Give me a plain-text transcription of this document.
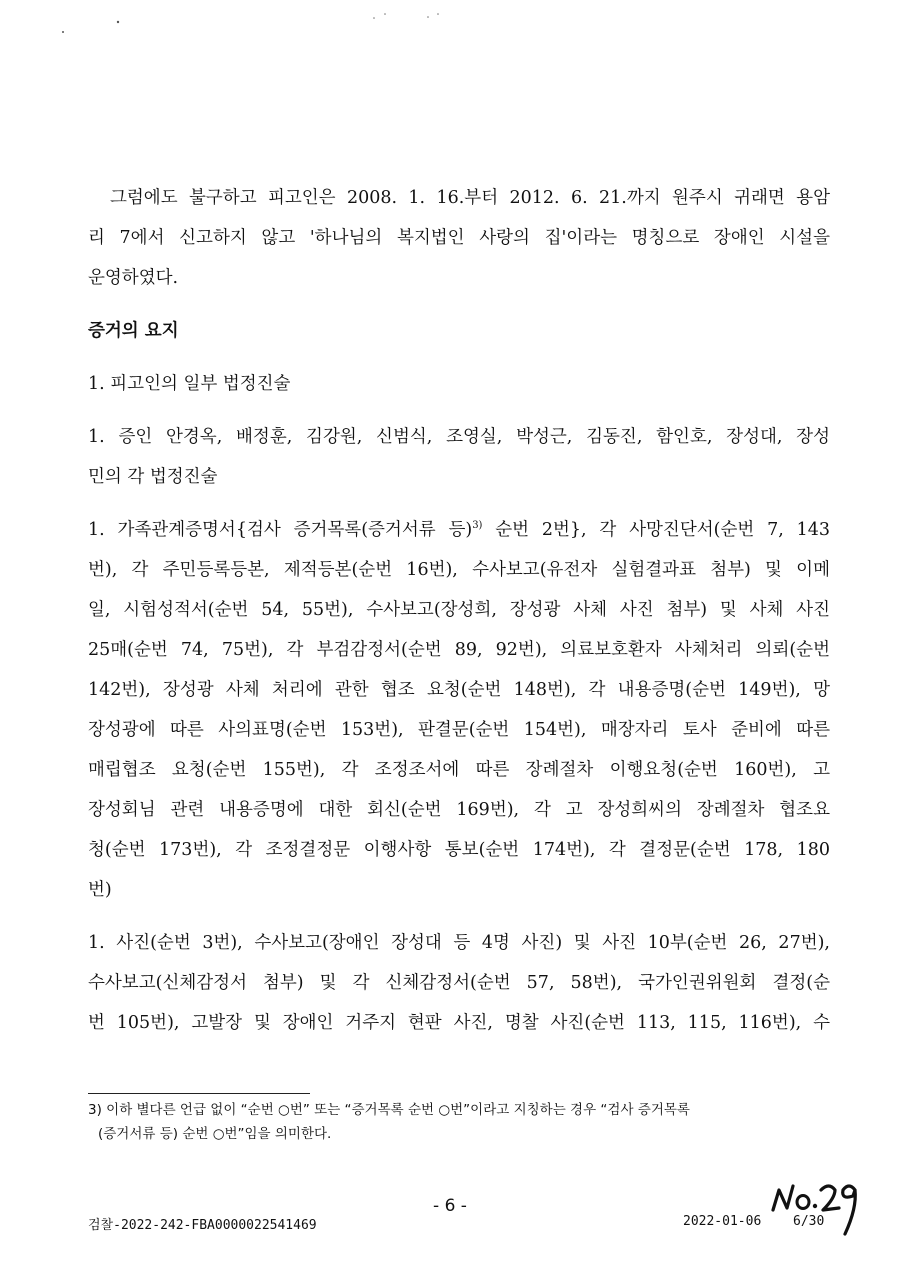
그럼에도 불구하고 피고인은 2008. 1. 16.부터 2012. 6. 21.까지 원주시 귀래면 용암
리 7에서 신고하지 않고 '하나님의 복지법인 사랑의 집'이라는 명칭으로 장애인 시설을
운영하였다.
증거의 요지
1. 피고인의 일부 법정진술
1. 증인 안경옥, 배정훈, 김강원, 신범식, 조영실, 박성근, 김동진, 함인호, 장성대, 장성
민의 각 법정진술
1. 가족관계증명서{검사 증거목록(증거서류 등)$^{3)}$ 순번 2번}, 각 사망진단서(순번 7, 143
번), 각 주민등록등본, 제적등본(순번 16번), 수사보고(유전자 실험결과표 첨부) 및 이메
일, 시험성적서(순번 54, 55번), 수사보고(장성희, 장성광 사체 사진 첨부) 및 사체 사진
25매(순번 74, 75번), 각 부검감정서(순번 89, 92번), 의료보호환자 사체처리 의뢰(순번
142번), 장성광 사체 처리에 관한 협조 요청(순번 148번), 각 내용증명(순번 149번), 망
장성광에 따른 사의표명(순번 153번), 판결문(순번 154번), 매장자리 토사 준비에 따른
매립협조 요청(순번 155번), 각 조정조서에 따른 장례절차 이행요청(순번 160번), 고
장성회님 관련 내용증명에 대한 회신(순번 169번), 각 고 장성희씨의 장례절차 협조요
청(순번 173번), 각 조정결정문 이행사항 통보(순번 174번), 각 결정문(순번 178, 180
번)
1. 사진(순번 3번), 수사보고(장애인 장성대 등 4명 사진) 및 사진 10부(순번 26, 27번),
수사보고(신체감정서 첨부) 및 각 신체감정서(순번 57, 58번), 국가인권위원회 결정(순
번 105번), 고발장 및 장애인 거주지 현판 사진, 명찰 사진(순번 113, 115, 116번), 수
3) 이하 별다른 언급 없이 “순번 ○번” 또는 “증거목록 순번 ○번”이라고 지칭하는 경우 “검사 증거목록
(증거서류 등) 순번 ○번”임을 의미한다.
- 6 -
검찰-2022-242-FBA0000022541469	2022-01-06 6/30
